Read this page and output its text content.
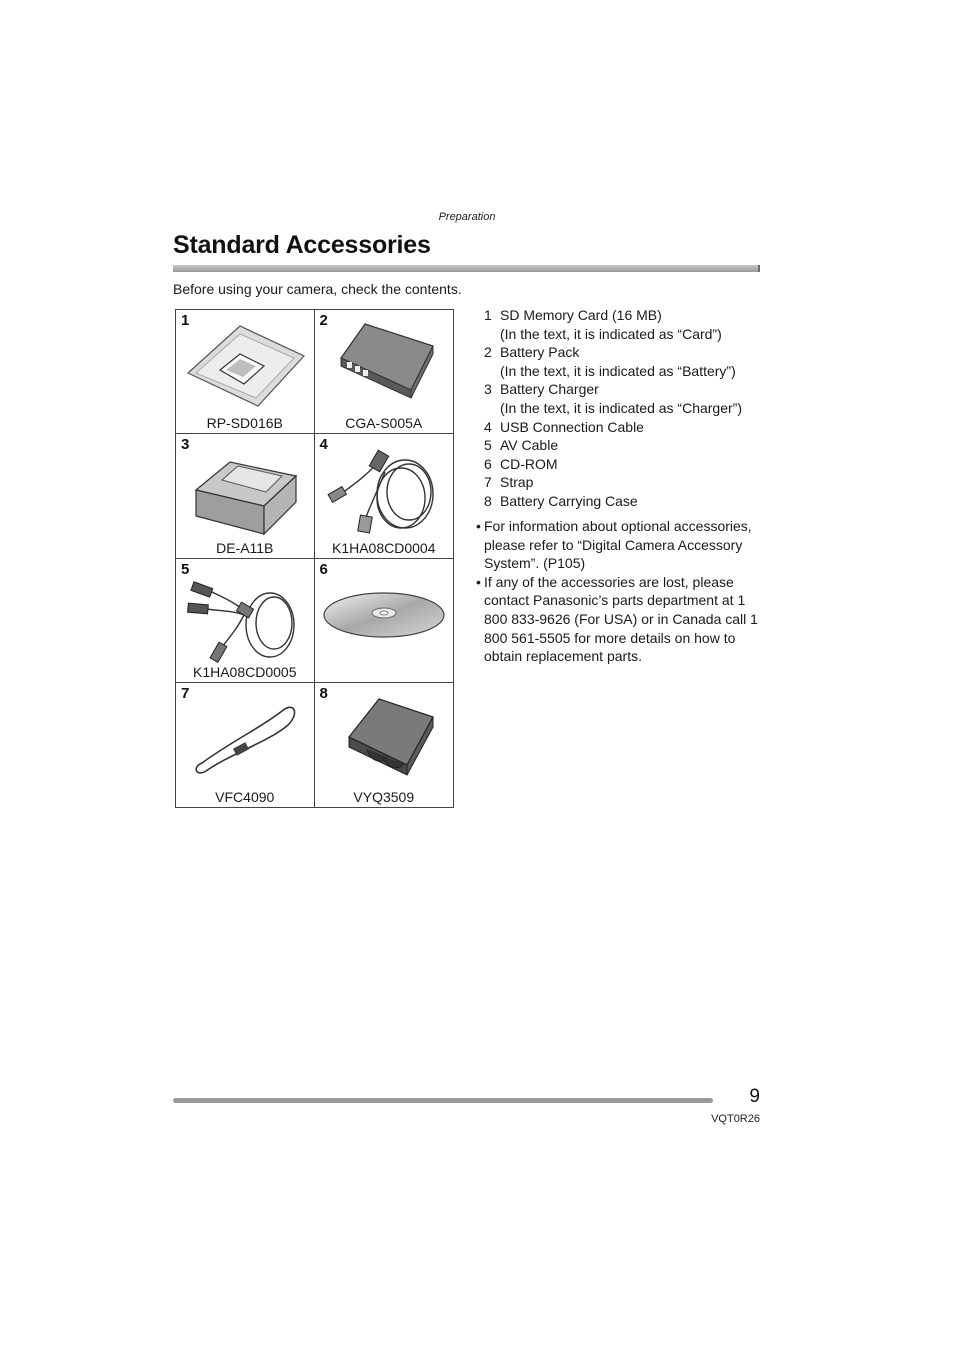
Preparation
Standard Accessories
Before using your camera, check the contents.
1
RP-SD016B
2
CGA-S005A
3
DE-A11B
4
K1HA08CD0004
5
K1HA08CD0005
6
7
VFC4090
8
VYQ3509
1 SD Memory Card (16 MB)
(In the text, it is indicated as “Card”)
2 Battery Pack
(In the text, it is indicated as “Battery”)
3 Battery Charger
(In the text, it is indicated as “Charger”)
4 USB Connection Cable
5 AV Cable
6 CD-ROM
7 Strap
8 Battery Carrying Case
• For information about optional accessories, please refer to “Digital Camera Accessory System”. (P105)
• If any of the accessories are lost, please contact Panasonic’s parts department at 1 800 833-9626 (For USA) or in Canada call 1 800 561-5505 for more details on how to obtain replacement parts.
9
VQT0R26
